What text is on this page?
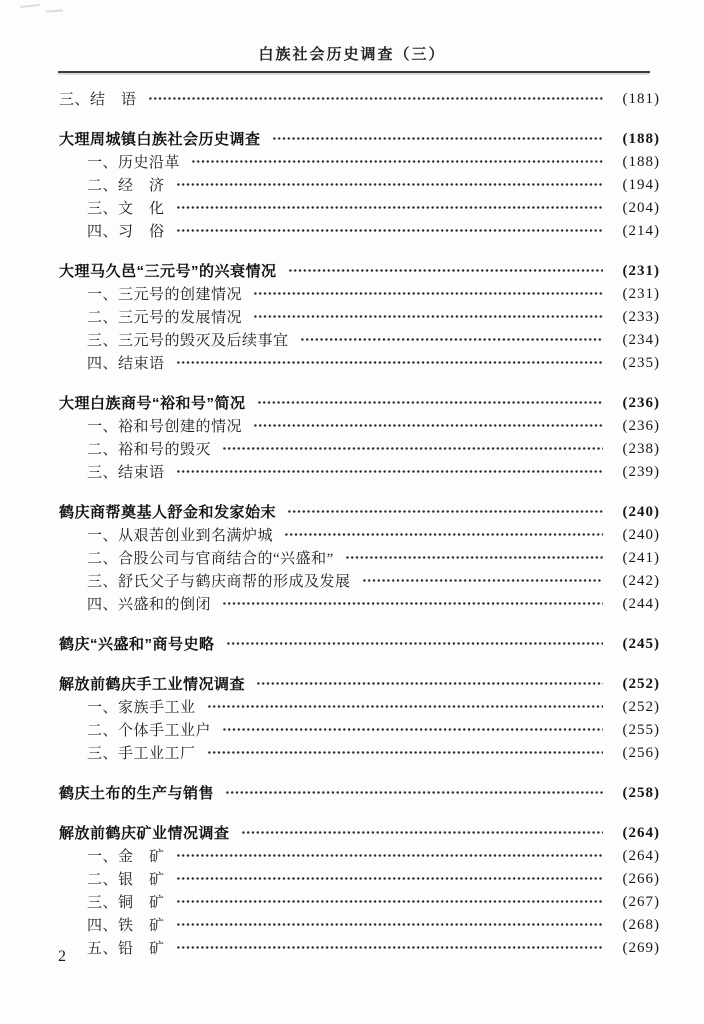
白族社会历史调查（三）
三、结　语	(181)
大理周城镇白族社会历史调查	(188)
一、历史沿革	(188)
二、经　济	(194)
三、文　化	(204)
四、习　俗	(214)
大理马久邑“三元号”的兴衰情况	(231)
一、三元号的创建情况	(231)
二、三元号的发展情况	(233)
三、三元号的毁灭及后续事宜	(234)
四、结束语	(235)
大理白族商号“裕和号”简况	(236)
一、裕和号创建的情况	(236)
二、裕和号的毁灭	(238)
三、结束语	(239)
鹤庆商帮奠基人舒金和发家始末	(240)
一、从艰苦创业到名满炉城	(240)
二、合股公司与官商结合的“兴盛和”	(241)
三、舒氏父子与鹤庆商帮的形成及发展	(242)
四、兴盛和的倒闭	(244)
鹤庆“兴盛和”商号史略	(245)
解放前鹤庆手工业情况调查	(252)
一、家族手工业	(252)
二、个体手工业户	(255)
三、手工业工厂	(256)
鹤庆土布的生产与销售	(258)
解放前鹤庆矿业情况调查	(264)
一、金　矿	(264)
二、银　矿	(266)
三、铜　矿	(267)
四、铁　矿	(268)
五、铅　矿	(269)
2
